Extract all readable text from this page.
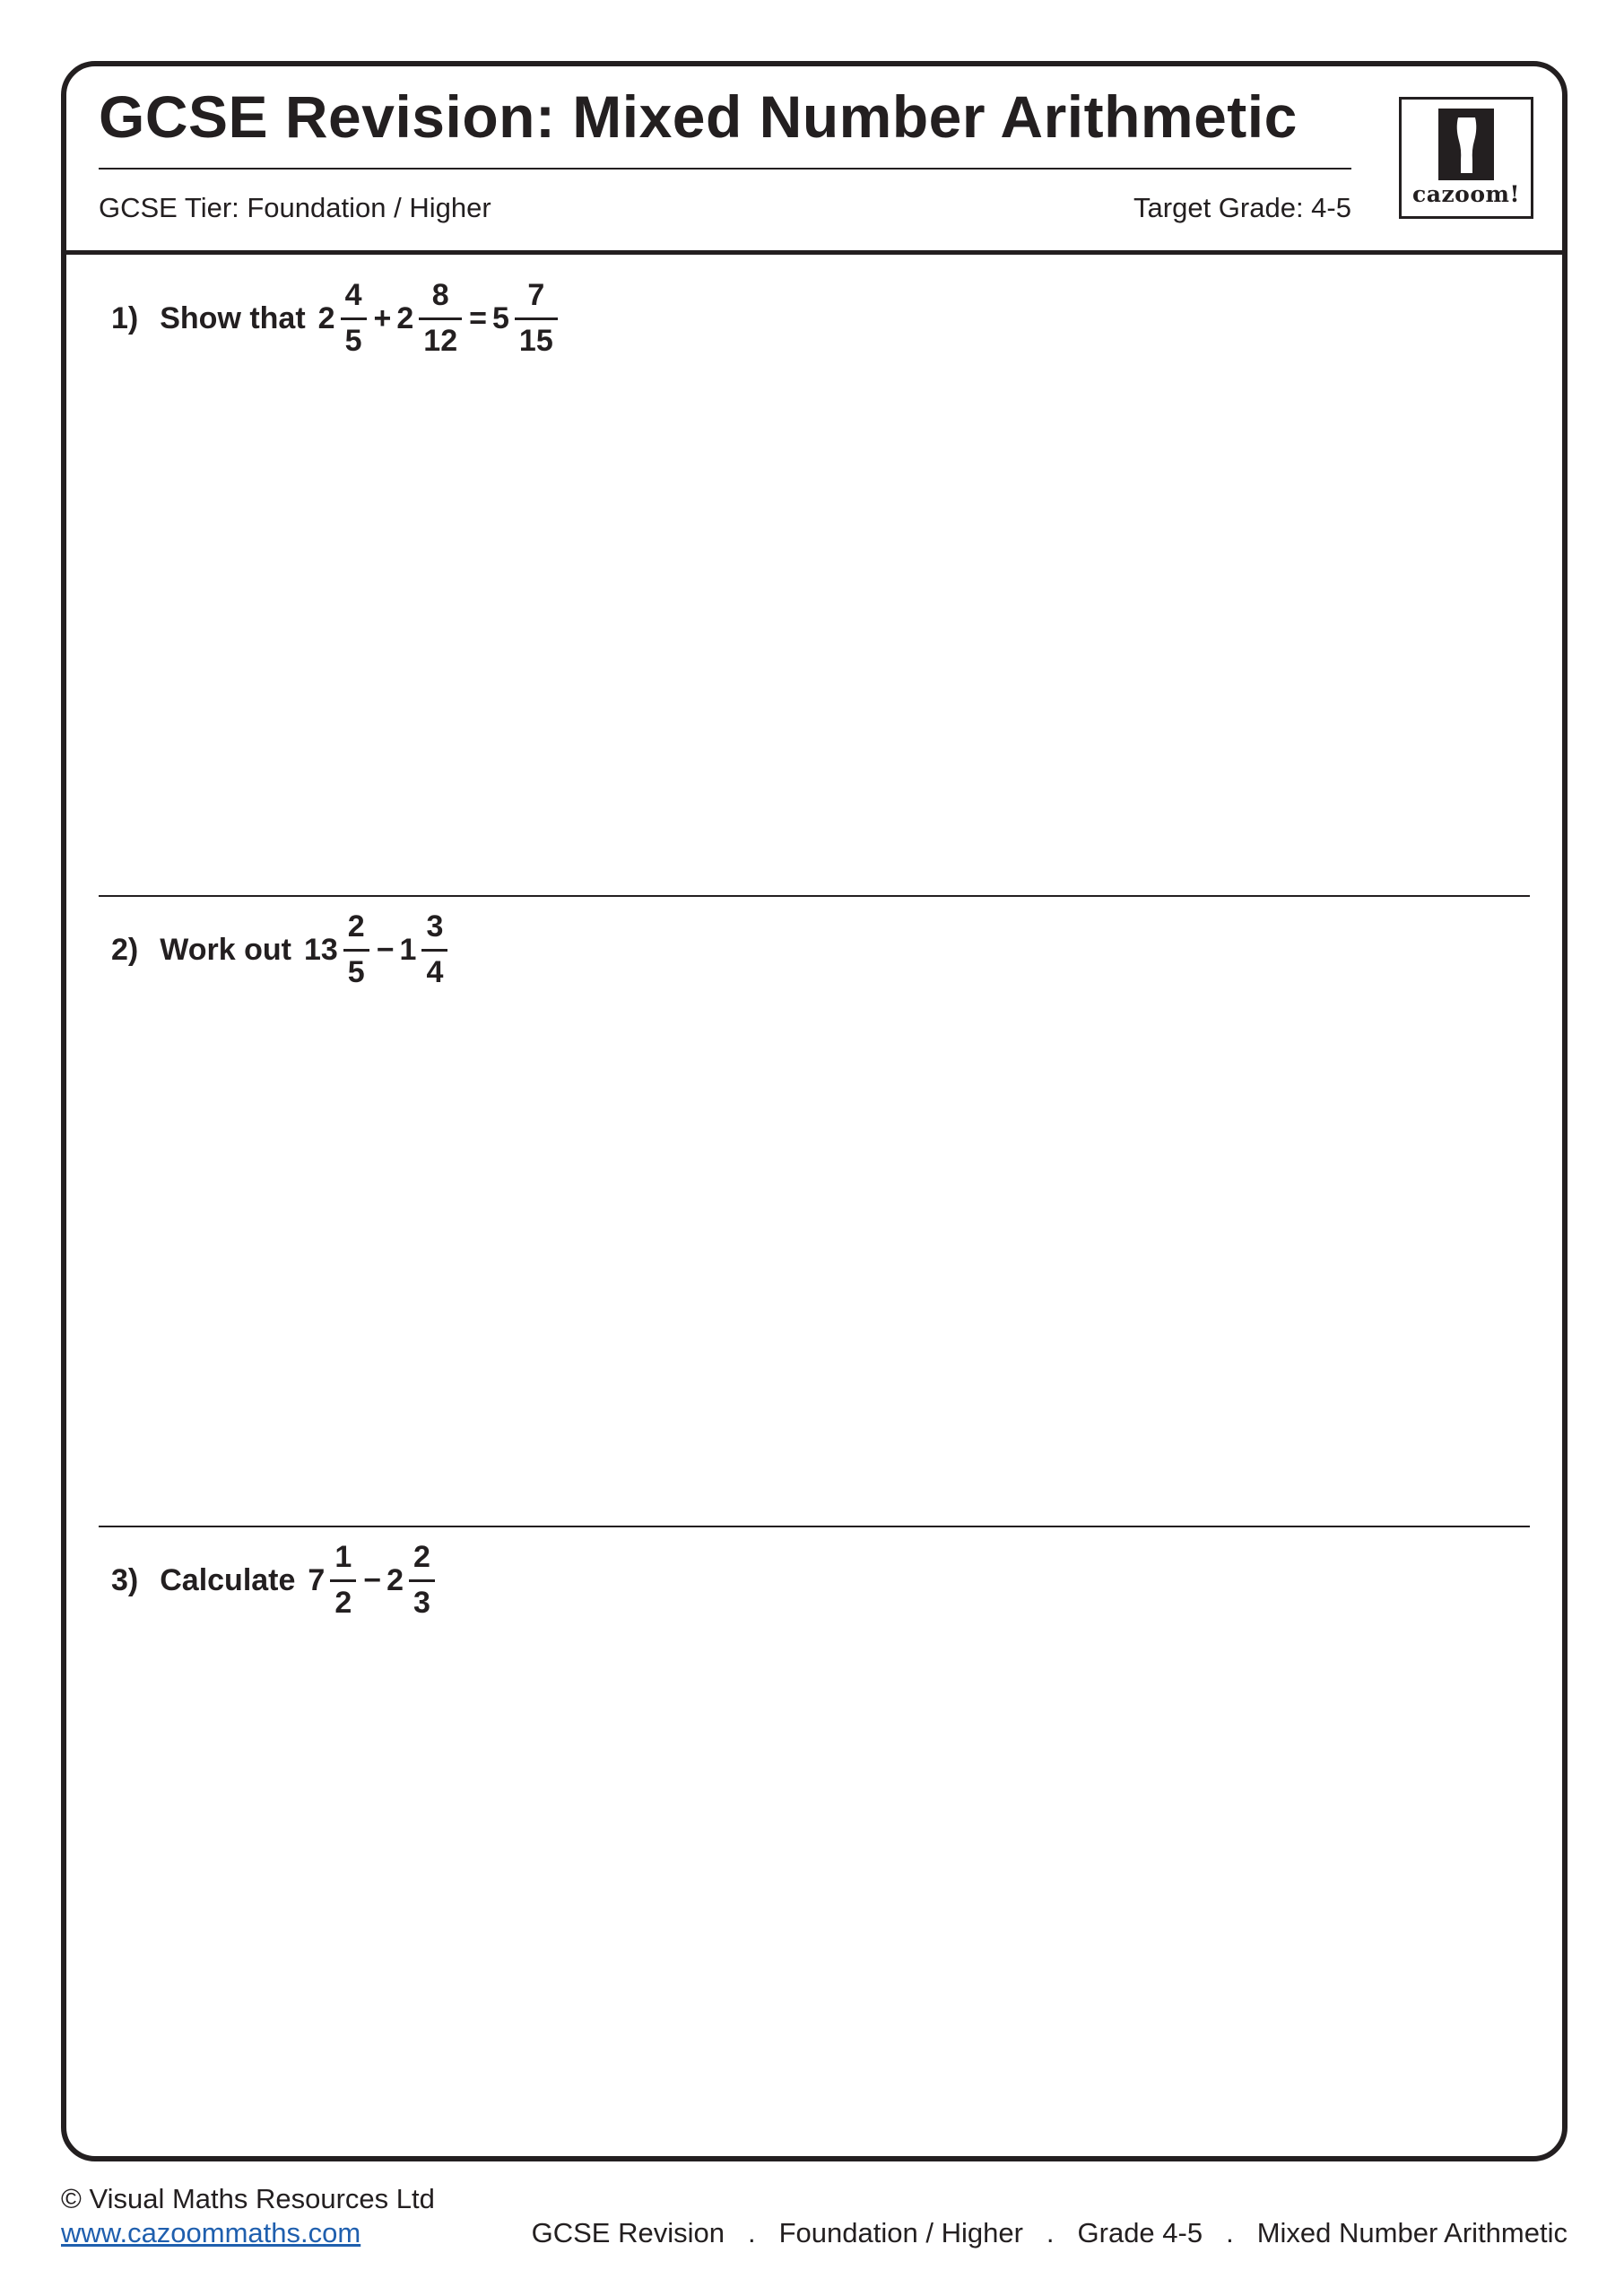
GCSE Revision: Mixed Number Arithmetic
GCSE Tier: Foundation / Higher	Target Grade: 4-5	cazoom!
1) Show that $2 \frac{4}{5} + 2 \frac{8}{12} = 5 \frac{7}{15}$
2) Work out $13 \frac{2}{5} - 1 \frac{3}{4}$
3) Calculate $7 \frac{1}{2} - 2 \frac{2}{3}$
© Visual Maths Resources Ltd
www.cazoommaths.com	GCSE Revision . Foundation / Higher . Grade 4-5 . Mixed Number Arithmetic
